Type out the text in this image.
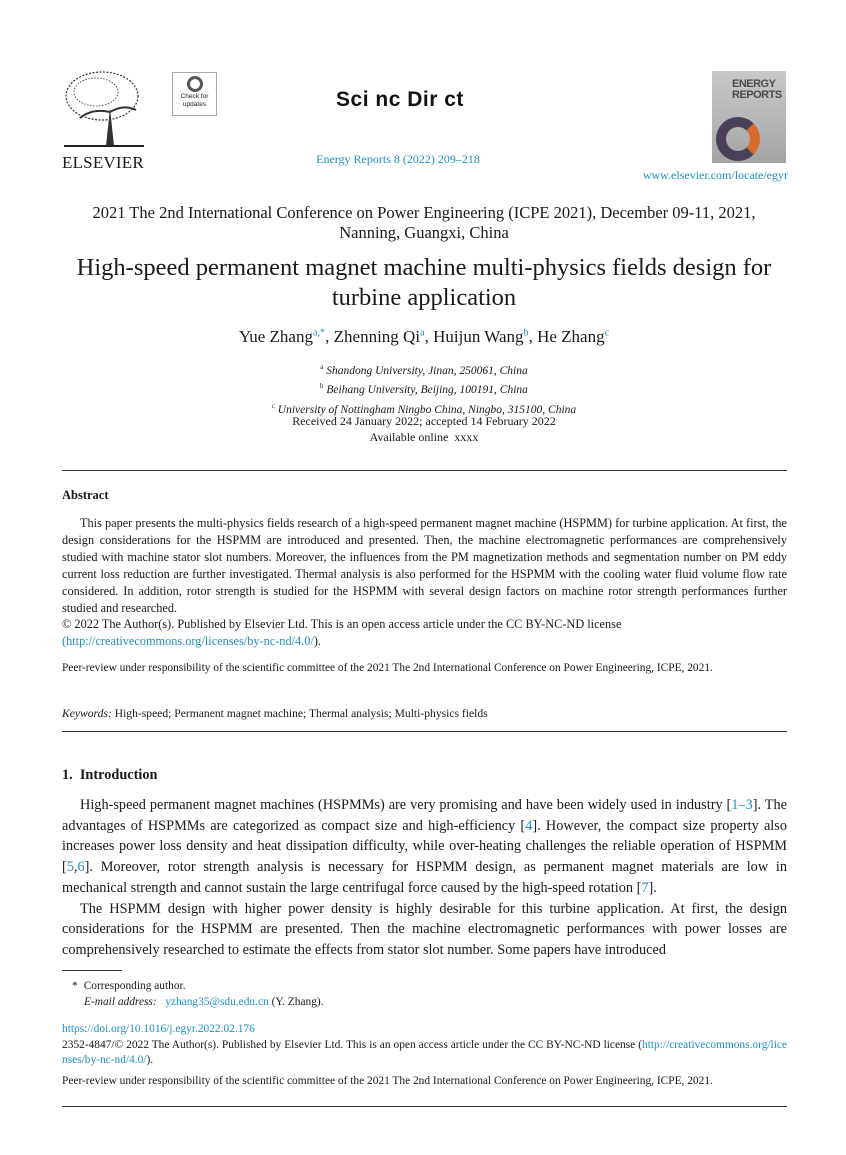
ELSEVIER
Check for updates	Sci nc Dir ct
Energy Reports 8 (2022) 209–218
ENERGY REPORTS
www.elsevier.com/locate/egyr
2021 The 2nd International Conference on Power Engineering (ICPE 2021), December 09-11, 2021, Nanning, Guangxi, China
High-speed permanent magnet machine multi-physics fields design for turbine application
Yue Zhang$^{a,*}$, Zhenning Qi$^a$, Huijun Wang$^b$, He Zhang$^c$
$^a$ Shandong University, Jinan, 250061, China
$^b$ Beihang University, Beijing, 100191, China
$^c$ University of Nottingham Ningbo China, Ningbo, 315100, China
Received 24 January 2022; accepted 14 February 2022
Available online  xxxx
Abstract

This paper presents the multi-physics fields research of a high-speed permanent magnet machine (HSPMM) for turbine application. At first, the design considerations for the HSPMM are introduced and presented. Then, the machine electromagnetic performances are comprehensively studied with machine stator slot numbers. Moreover, the influences from the PM magnetization methods and segmentation number on PM eddy current loss reduction are further investigated. Thermal analysis is also performed for the HSPMM with the cooling water fluid volume flow rate considered. In addition, rotor strength is studied for the HSPMM with several design factors on machine rotor strength performances further studied and researched.

© 2022 The Author(s). Published by Elsevier Ltd. This is an open access article under the CC BY-NC-ND license
(http://creativecommons.org/licenses/by-nc-nd/4.0/).

Peer-review under responsibility of the scientific committee of the 2021 The 2nd International Conference on Power Engineering, ICPE, 2021.
Keywords: High-speed; Permanent magnet machine; Thermal analysis; Multi-physics fields
1.  Introduction

High-speed permanent magnet machines (HSPMMs) are very promising and have been widely used in industry [1–3]. The advantages of HSPMMs are categorized as compact size and high-efficiency [4]. However, the compact size property also increases power loss density and heat dissipation difficulty, while over-heating challenges the reliable operation of HSPMM [5,6]. Moreover, rotor strength analysis is necessary for HSPMM design, as permanent magnet materials are low in mechanical strength and cannot sustain the large centrifugal force caused by the high-speed rotation [7].

The HSPMM design with higher power density is highly desirable for this turbine application. At first, the design considerations for the HSPMM are presented. Then the machine electromagnetic performances with power losses are comprehensively researched to estimate the effects from stator slot number. Some papers have introduced

* Corresponding author.
E-mail address: yzhang35@sdu.edu.cn (Y. Zhang).
https://doi.org/10.1016/j.egyr.2022.02.176

2352-4847/© 2022 The Author(s). Published by Elsevier Ltd. This is an open access article under the CC BY-NC-ND license (http://creativecommons.org/licenses/by-nc-nd/4.0/).

Peer-review under responsibility of the scientific committee of the 2021 The 2nd International Conference on Power Engineering, ICPE, 2021.
